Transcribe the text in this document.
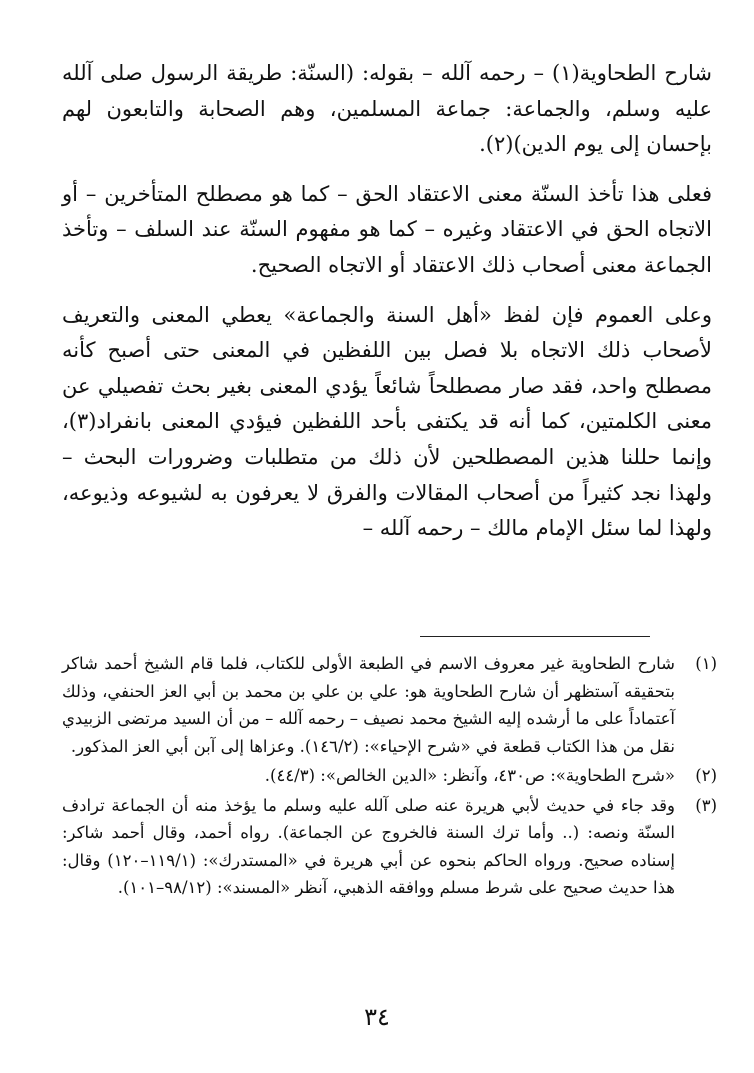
شارح الطحاوية(١) – رحمه آلله – بقوله: (السنّة: طريقة الرسول صلى آلله عليه وسلم، والجماعة: جماعة المسلمين، وهم الصحابة والتابعون لهم بإحسان إلى يوم الدين)(٢).

فعلى هذا تأخذ السنّة معنى الاعتقاد الحق – كما هو مصطلح المتأخرين – أو الاتجاه الحق في الاعتقاد وغيره – كما هو مفهوم السنّة عند السلف – وتأخذ الجماعة معنى أصحاب ذلك الاعتقاد أو الاتجاه الصحيح.

وعلى العموم فإن لفظ «أهل السنة والجماعة» يعطي المعنى والتعريف لأصحاب ذلك الاتجاه بلا فصل بين اللفظين في المعنى حتى أصبح كأنه مصطلح واحد، فقد صار مصطلحاً شائعاً يؤدي المعنى بغير بحث تفصيلي عن معنى الكلمتين، كما أنه قد يكتفى بأحد اللفظين فيؤدي المعنى بانفراد(٣)، وإنما حللنا هذين المصطلحين لأن ذلك من متطلبات وضرورات البحث – ولهذا نجد كثيراً من أصحاب المقالات والفرق لا يعرفون به لشيوعه وذيوعه، ولهذا لما سئل الإمام مالك – رحمه آلله –

(١)
شارح الطحاوية غير معروف الاسم في الطبعة الأولى للكتاب، فلما قام الشيخ أحمد شاكر بتحقيقه آستظهر أن شارح الطحاوية هو: علي بن علي بن محمد بن أبي العز الحنفي، وذلك آعتماداً على ما أرشده إليه الشيخ محمد نصيف – رحمه آلله – من أن السيد مرتضى الزبيدي نقل من هذا الكتاب قطعة في «شرح الإحياء»: (١٤٦/٢). وعزاها إلى آبن أبي العز المذكور.
(٢)
«شرح الطحاوية»: ص٤٣٠، وآنظر: «الدين الخالص»: (٤٤/٣).
(٣)
وقد جاء في حديث لأبي هريرة عنه صلى آلله عليه وسلم ما يؤخذ منه أن الجماعة ترادف السنّة ونصه: (.. وأما ترك السنة فالخروج عن الجماعة). رواه أحمد، وقال أحمد شاكر: إسناده صحيح. ورواه الحاكم بنحوه عن أبي هريرة في «المستدرك»: (١١٩/١–١٢٠) وقال: هذا حديث صحيح على شرط مسلم ووافقه الذهبي، آنظر «المسند»: (٩٨/١٢–١٠١).
٣٤
